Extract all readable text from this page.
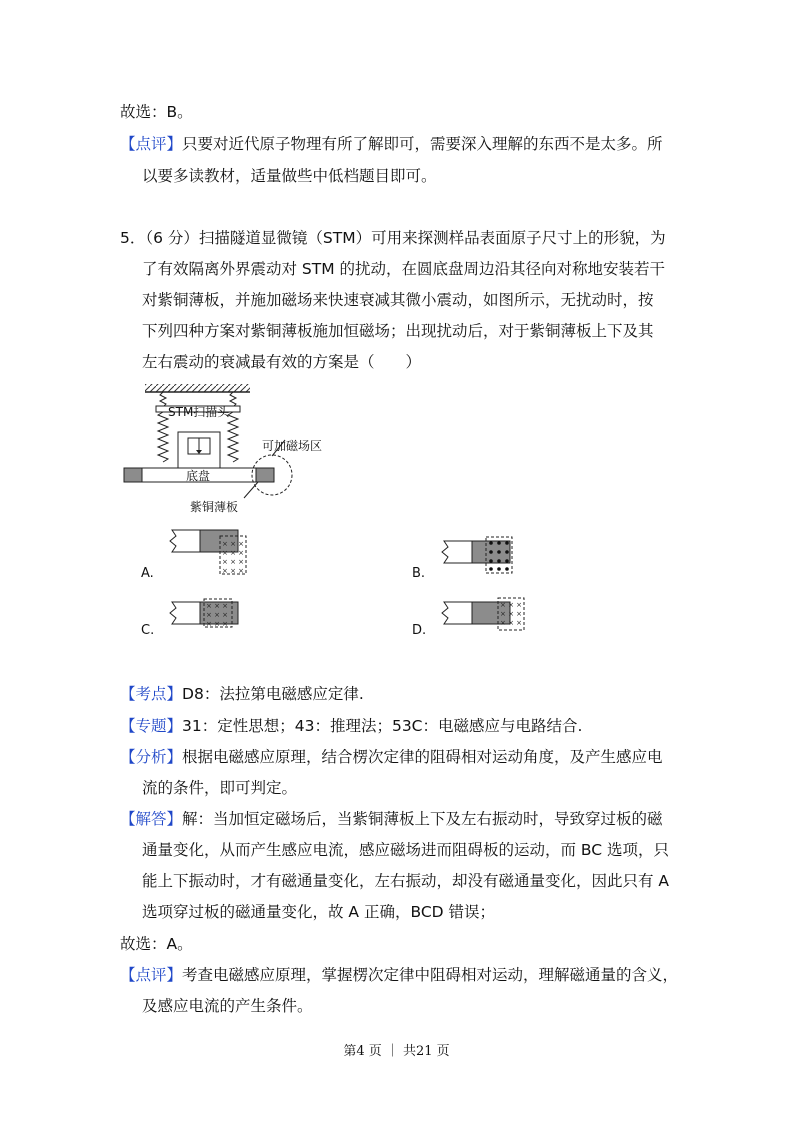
故选：B。
【点评】只要对近代原子物理有所了解即可，需要深入理解的东西不是太多。所
以要多读教材，适量做些中低档题目即可。
5．（6 分）扫描隧道显微镜（STM）可用来探测样品表面原子尺寸上的形貌，为
了有效隔离外界震动对 STM 的扰动，在圆底盘周边沿其径向对称地安装若干
对紫铜薄板，并施加磁场来快速衰减其微小震动，如图所示，无扰动时，按
下列四种方案对紫铜薄板施加恒磁场；出现扰动后，对于紫铜薄板上下及其
左右震动的衰减最有效的方案是（　　）
STM扫描头
底盘
可加磁场区
紫铜薄板
× × ×
× × ×
× × ×
× × ×
A.	B.
× × ×
× × ×
× × ×
C.
× × ×
× × ×
× × ×
D.
【考点】D8：法拉第电磁感应定律.
【专题】31：定性思想；43：推理法；53C：电磁感应与电路结合.
【分析】根据电磁感应原理，结合楞次定律的阻碍相对运动角度，及产生感应电
流的条件，即可判定。
【解答】解：当加恒定磁场后，当紫铜薄板上下及左右振动时，导致穿过板的磁
通量变化，从而产生感应电流，感应磁场进而阻碍板的运动，而 BC 选项，只
能上下振动时，才有磁通量变化，左右振动，却没有磁通量变化，因此只有 A
选项穿过板的磁通量变化，故 A 正确，BCD 错误；
故选：A。
【点评】考查电磁感应原理，掌握楞次定律中阻碍相对运动，理解磁通量的含义，
及感应电流的产生条件。
第4 页 ｜ 共21 页
